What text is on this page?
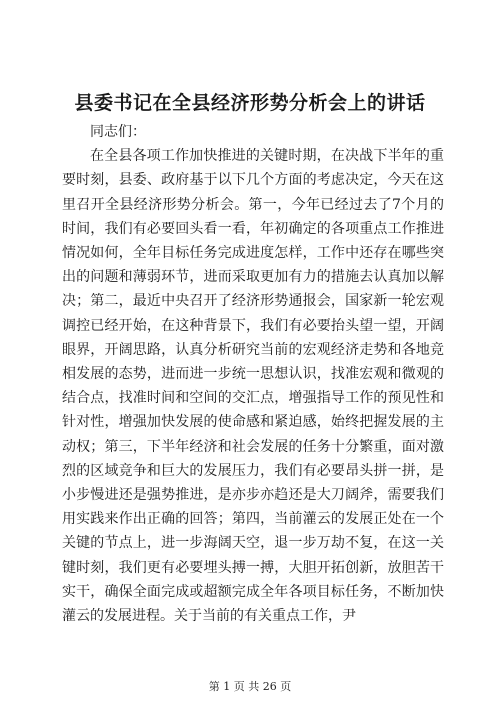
县委书记在全县经济形势分析会上的讲话

同志们：

在全县各项工作加快推进的关键时期，在决战下半年的重要时刻，县委、政府基于以下几个方面的考虑决定，今天在这里召开全县经济形势分析会。第一，今年已经过去了7个月的时间，我们有必要回头看一看，年初确定的各项重点工作推进情况如何，全年目标任务完成进度怎样，工作中还存在哪些突出的问题和薄弱环节，进而采取更加有力的措施去认真加以解决；第二，最近中央召开了经济形势通报会，国家新一轮宏观调控已经开始，在这种背景下，我们有必要抬头望一望，开阔眼界，开阔思路，认真分析研究当前的宏观经济走势和各地竞相发展的态势，进而进一步统一思想认识，找准宏观和微观的结合点，找准时间和空间的交汇点，增强指导工作的预见性和针对性，增强加快发展的使命感和紧迫感，始终把握发展的主动权；第三，下半年经济和社会发展的任务十分繁重，面对激烈的区域竞争和巨大的发展压力，我们有必要昂头拼一拼，是小步慢进还是强势推进，是亦步亦趋还是大刀阔斧，需要我们用实践来作出正确的回答；第四，当前灌云的发展正处在一个关键的节点上，进一步海阔天空，退一步万劫不复，在这一关键时刻，我们更有必要埋头搏一搏，大胆开拓创新，放胆苦干实干，确保全面完成或超额完成全年各项目标任务，不断加快灌云的发展进程。关于当前的有关重点工作，尹

第 1 页 共 26 页
